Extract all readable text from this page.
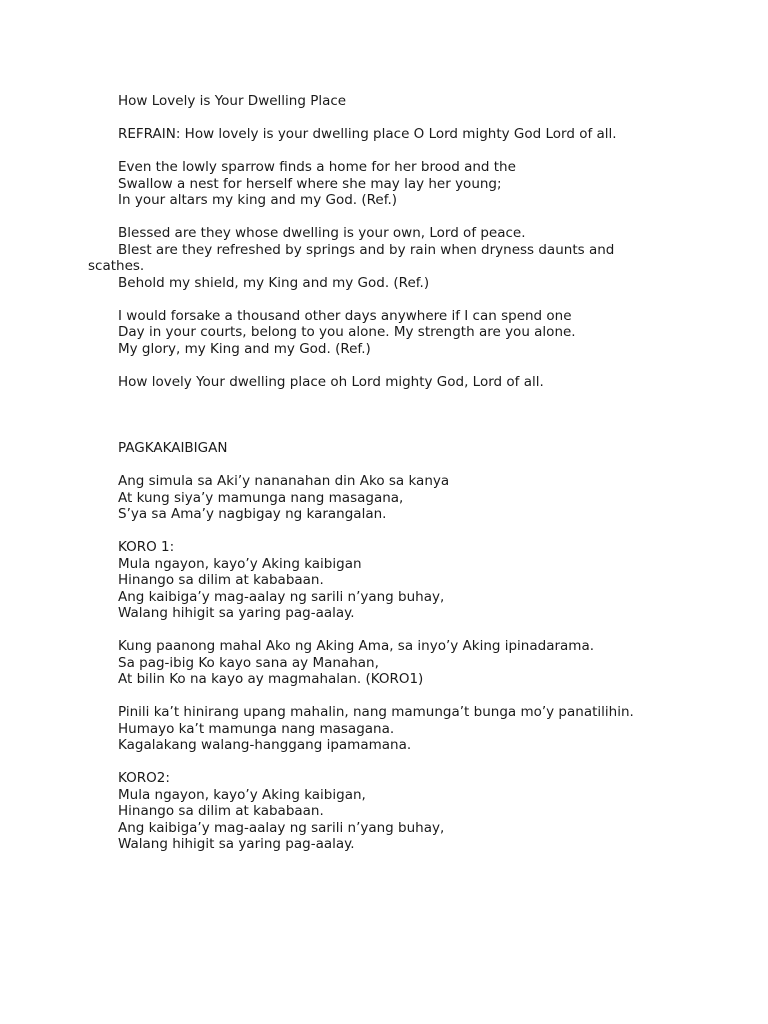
How Lovely is Your Dwelling Place
REFRAIN: How lovely is your dwelling place O Lord mighty God Lord of all.
Even the lowly sparrow finds a home for her brood and the
Swallow a nest for herself where she may lay her young;
In your altars my king and my God. (Ref.)
Blessed are they whose dwelling is your own, Lord of peace.
Blest are they refreshed by springs and by rain when dryness daunts and
scathes.
Behold my shield, my King and my God. (Ref.)
I would forsake a thousand other days anywhere if I can spend one
Day in your courts, belong to you alone. My strength are you alone.
My glory, my King and my God. (Ref.)
How lovely Your dwelling place oh Lord mighty God, Lord of all.
PAGKAKAIBIGAN
Ang simula sa Aki’y nananahan din Ako sa kanya
At kung siya’y mamunga nang masagana,
S’ya sa Ama’y nagbigay ng karangalan.
KORO 1:
Mula ngayon, kayo’y Aking kaibigan
Hinango sa dilim at kababaan.
Ang kaibiga’y mag-aalay ng sarili n’yang buhay,
Walang hihigit sa yaring pag-aalay.
Kung paanong mahal Ako ng Aking Ama, sa inyo’y Aking ipinadarama.
Sa pag-ibig Ko kayo sana ay Manahan,
At bilin Ko na kayo ay magmahalan. (KORO1)
Pinili ka’t hinirang upang mahalin, nang mamunga’t bunga mo’y panatilihin.
Humayo ka’t mamunga nang masagana.
Kagalakang walang-hanggang ipamamana.
KORO2:
Mula ngayon, kayo’y Aking kaibigan,
Hinango sa dilim at kababaan.
Ang kaibiga’y mag-aalay ng sarili n’yang buhay,
Walang hihigit sa yaring pag-aalay.
